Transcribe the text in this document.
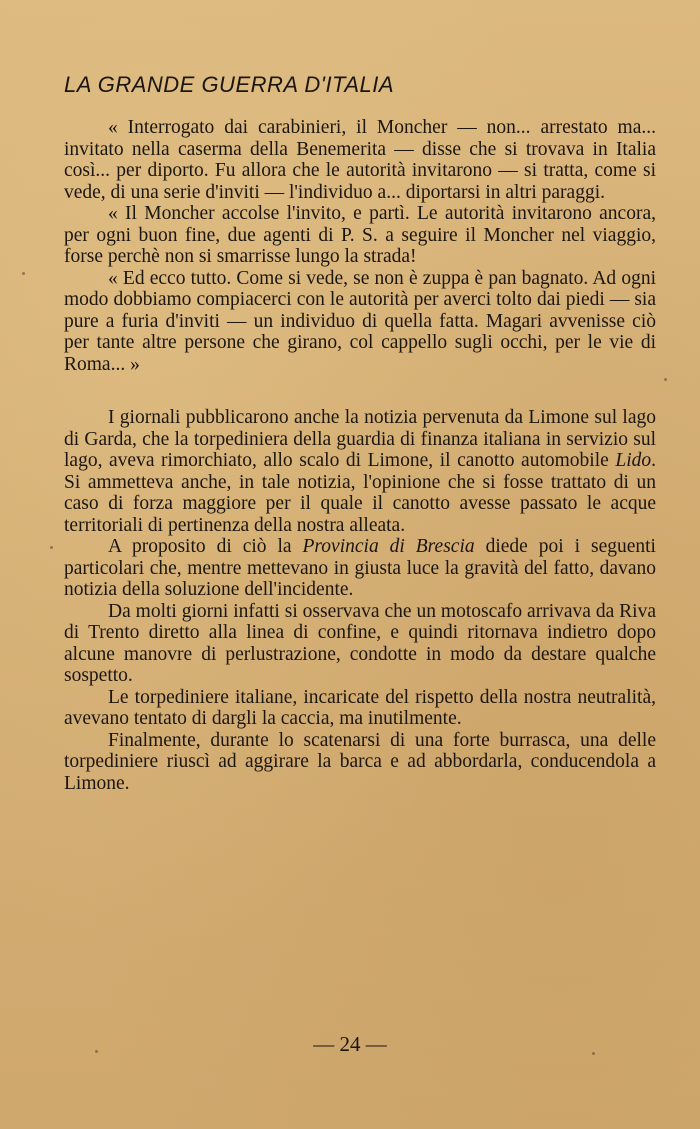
LA GRANDE GUERRA D'ITALIA

« Interrogato dai carabinieri, il Moncher — non... arrestato ma... invitato nella caserma della Benemerita — disse che si trovava in Italia così... per diporto. Fu allora che le autorità invitarono — si tratta, come si vede, di una serie d'inviti — l'individuo a... diportarsi in altri paraggi.

« Il Moncher accolse l'invito, e partì. Le autorità invitarono ancora, per ogni buon fine, due agenti di P. S. a seguire il Moncher nel viaggio, forse perchè non si smarrisse lungo la strada!

« Ed ecco tutto. Come si vede, se non è zuppa è pan bagnato. Ad ogni modo dobbiamo compiacerci con le autorità per averci tolto dai piedi — sia pure a furia d'inviti — un individuo di quella fatta. Magari avvenisse ciò per tante altre persone che girano, col cappello sugli occhi, per le vie di Roma... »

I giornali pubblicarono anche la notizia pervenuta da Limone sul lago di Garda, che la torpediniera della guardia di finanza italiana in servizio sul lago, aveva rimorchiato, allo scalo di Limone, il canotto automobile Lido. Si ammetteva anche, in tale notizia, l'opinione che si fosse trattato di un caso di forza maggiore per il quale il canotto avesse passato le acque territoriali di pertinenza della nostra alleata.

A proposito di ciò la Provincia di Brescia diede poi i seguenti particolari che, mentre mettevano in giusta luce la gravità del fatto, davano notizia della soluzione dell'incidente.

Da molti giorni infatti si osservava che un motoscafo arrivava da Riva di Trento diretto alla linea di confine, e quindi ritornava indietro dopo alcune manovre di perlustrazione, condotte in modo da destare qualche sospetto.

Le torpediniere italiane, incaricate del rispetto della nostra neutralità, avevano tentato di dargli la caccia, ma inutilmente.

Finalmente, durante lo scatenarsi di una forte burrasca, una delle torpediniere riuscì ad aggirare la barca e ad abbordarla, conducendola a Limone.

— 24 —
